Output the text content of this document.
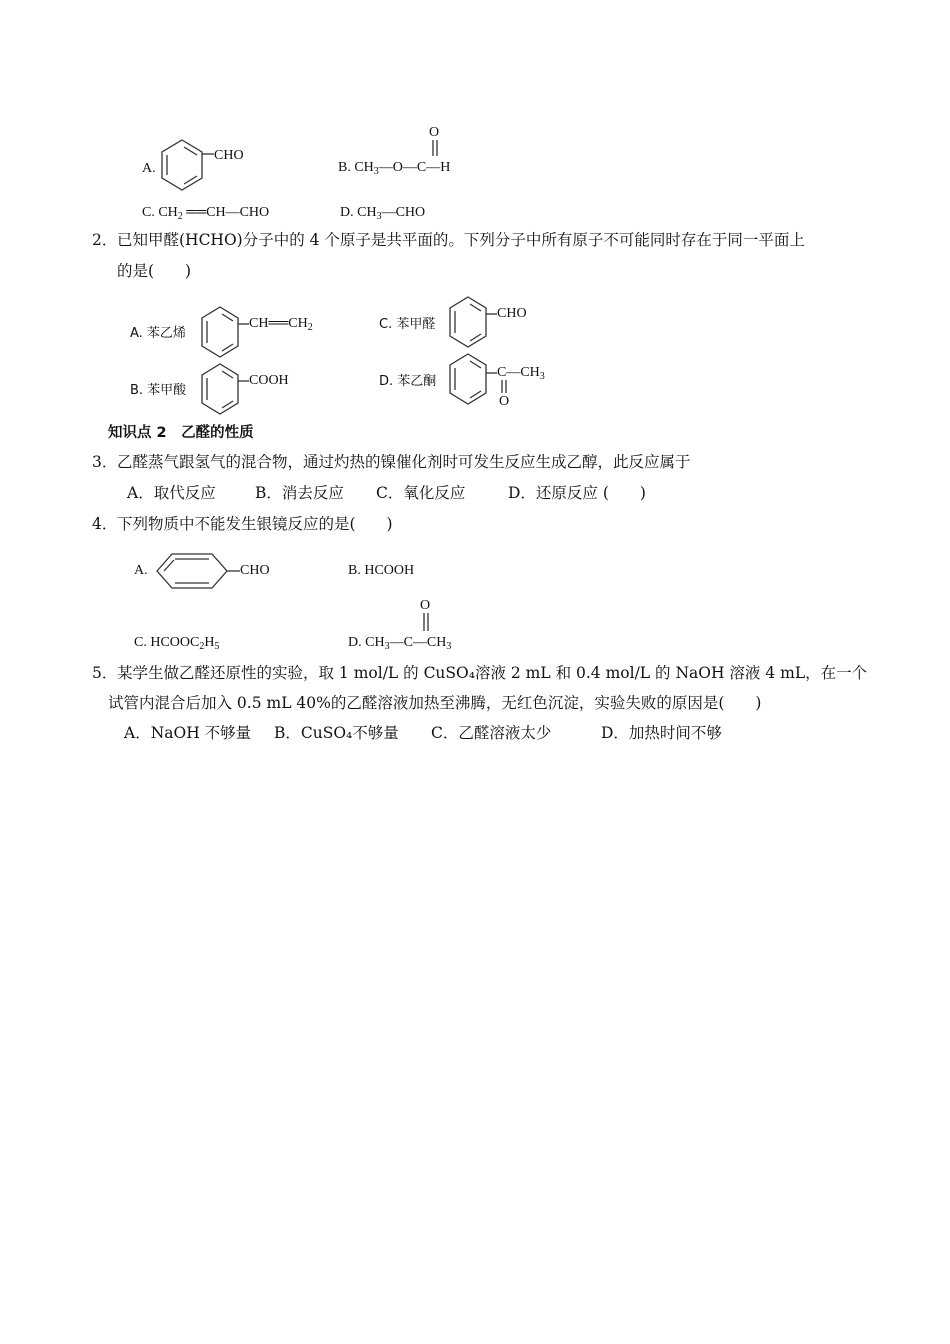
A.
CHO
O
B. $CH_3—O—C—H$
C. $CH_2$ ══CH—CHO	D. $CH_3—CHO$
2． 已知甲醛(HCHO)分子中的 4 个原子是共平面的。下列分子中所有原子不可能同时存在于同一平面上
的是(　　)
A. 苯乙烯
$CH══CH_2$
B. 苯甲酸
COOH
C. 苯甲醛
CHO
D. 苯乙酮
$C—CH_3$
O
知识点 2　乙醛的性质
3． 乙醛蒸气跟氢气的混合物，通过灼热的镍催化剂时可发生反应生成乙醇，此反应属于
A．取代反应	B．消去反应 C．氧化反应	D．还原反应 (　　)
4． 下列物质中不能发生银镜反应的是(　　)
A.	CHO	B. HCOOH
C. $HCOOC_2H_5$
O
D. $CH_3—C—CH_3$
5． 某学生做乙醛还原性的实验，取 1 mol/L 的 CuSO₄溶液 2 mL 和 0.4 mol/L 的 NaOH 溶液 4 mL，在一个
试管内混合后加入 0.5 mL 40%的乙醛溶液加热至沸腾，无红色沉淀，实验失败的原因是(　　)
A．NaOH 不够量 B．CuSO₄不够量 C．乙醛溶液太少	D．加热时间不够
